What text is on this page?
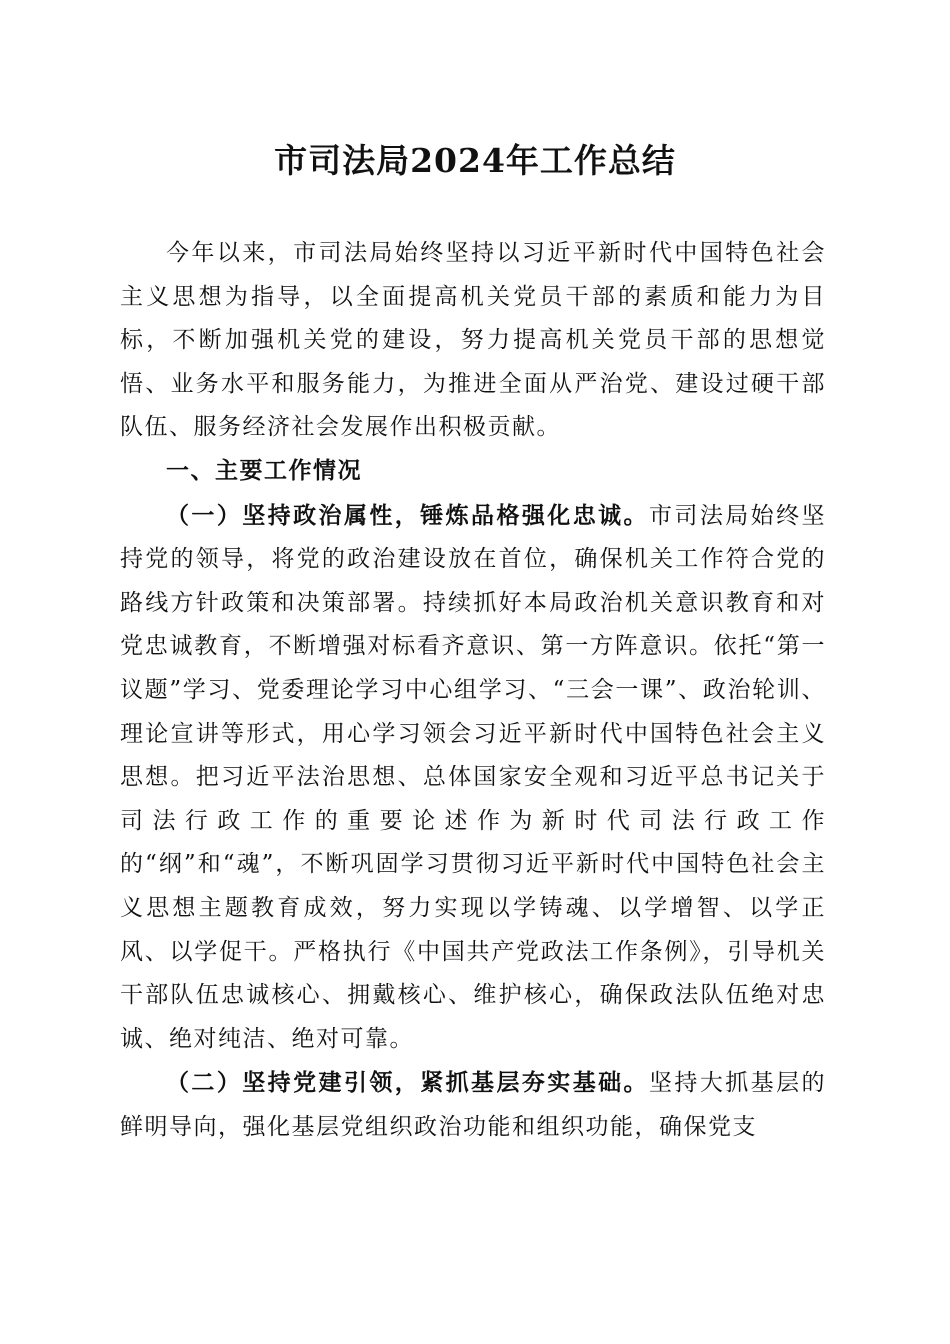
市司法局2024年工作总结

今年以来，市司法局始终坚持以习近平新时代中国特色社会主义思想为指导，以全面提高机关党员干部的素质和能力为目标，不断加强机关党的建设，努力提高机关党员干部的思想觉悟、业务水平和服务能力，为推进全面从严治党、建设过硬干部队伍、服务经济社会发展作出积极贡献。

一、主要工作情况

（一）坚持政治属性，锤炼品格强化忠诚。市司法局始终坚持党的领导，将党的政治建设放在首位，确保机关工作符合党的路线方针政策和决策部署。持续抓好本局政治机关意识教育和对党忠诚教育，不断增强对标看齐意识、第一方阵意识。依托“第一议题”学习、党委理论学习中心组学习、“三会一课”、政治轮训、理论宣讲等形式，用心学习领会习近平新时代中国特色社会主义思想。把习近平法治思想、总体国家安全观和习近平总书记关于司法行政工作的重要论述作为新时代司法行政工作的“纲”和“魂”，不断巩固学习贯彻习近平新时代中国特色社会主义思想主题教育成效，努力实现以学铸魂、以学增智、以学正风、以学促干。严格执行《中国共产党政法工作条例》，引导机关干部队伍忠诚核心、拥戴核心、维护核心，确保政法队伍绝对忠诚、绝对纯洁、绝对可靠。

（二）坚持党建引领，紧抓基层夯实基础。坚持大抓基层的鲜明导向，强化基层党组织政治功能和组织功能，确保党支
